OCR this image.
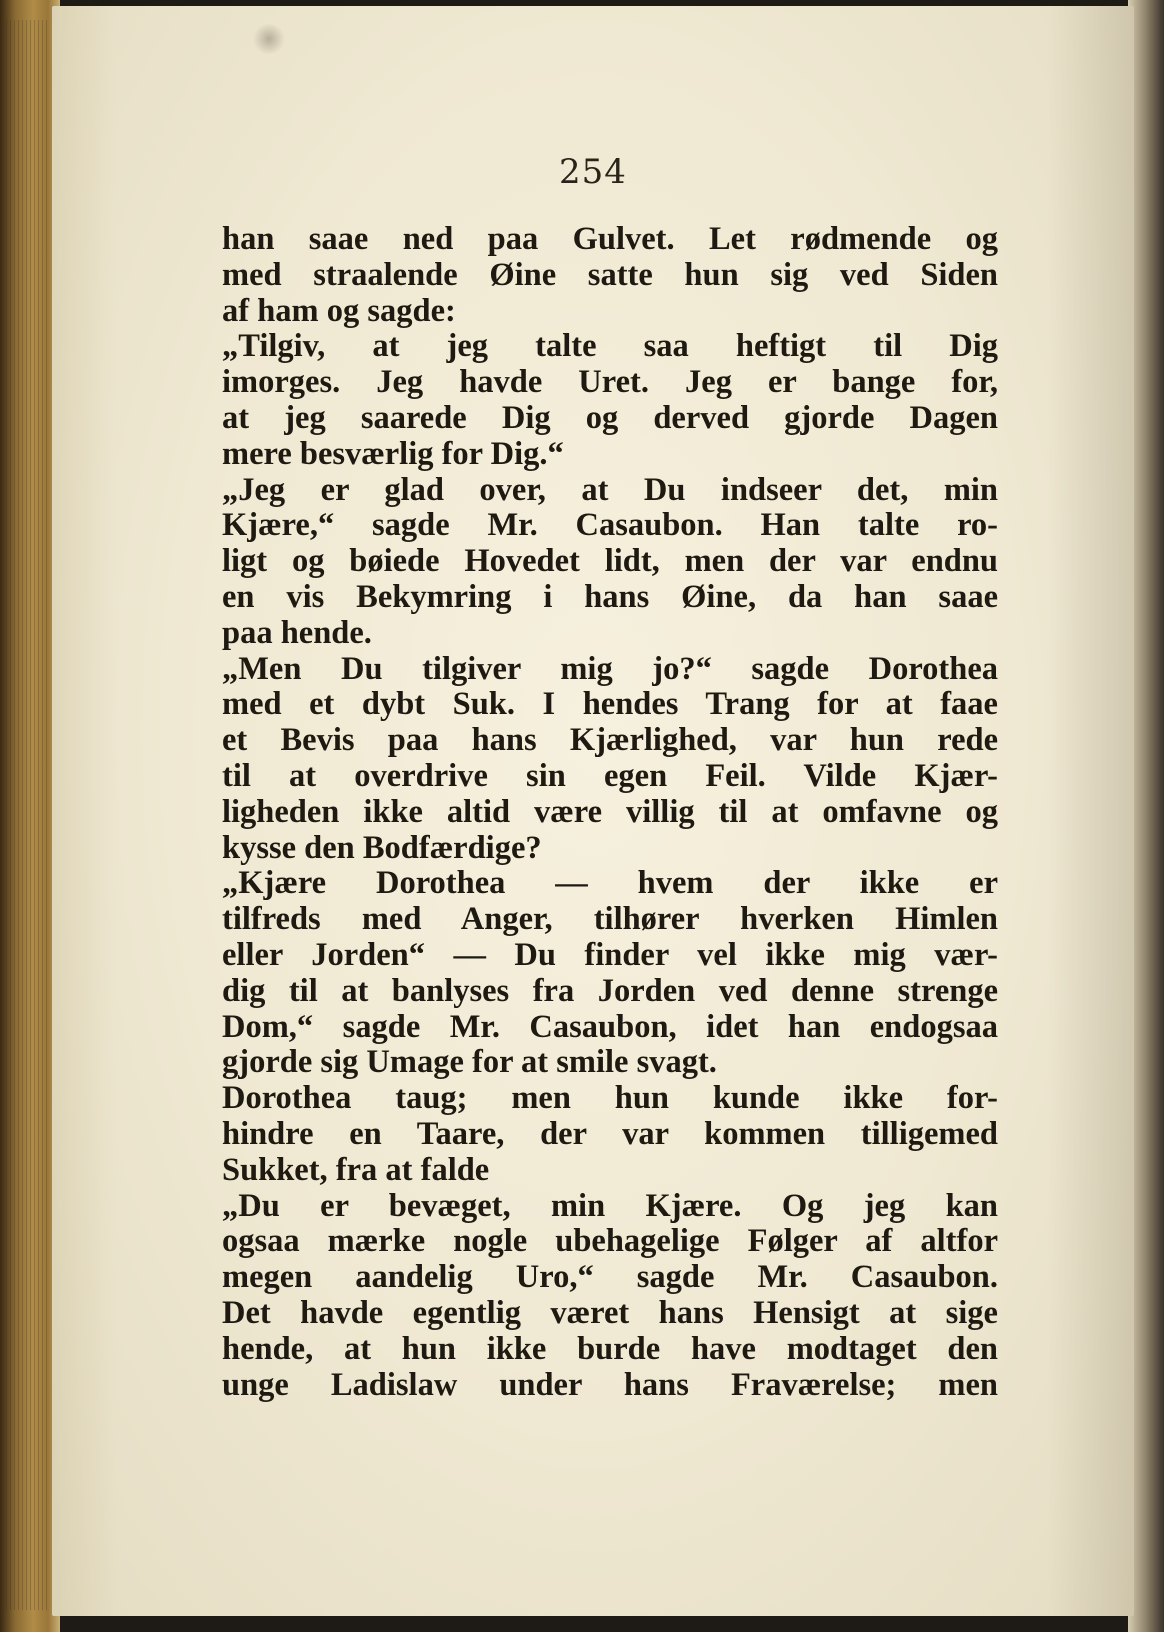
254
han saae ned paa Gulvet. Let rødmende og
med straalende Øine satte hun sig ved Siden
af ham og sagde:
„Tilgiv, at jeg talte saa heftigt til Dig
imorges. Jeg havde Uret. Jeg er bange for,
at jeg saarede Dig og derved gjorde Dagen
mere besværlig for Dig.“
„Jeg er glad over, at Du indseer det, min
Kjære,“ sagde Mr. Casaubon. Han talte ro-
ligt og bøiede Hovedet lidt, men der var endnu
en vis Bekymring i hans Øine, da han saae
paa hende.
„Men Du tilgiver mig jo?“ sagde Dorothea
med et dybt Suk. I hendes Trang for at faae
et Bevis paa hans Kjærlighed, var hun rede
til at overdrive sin egen Feil. Vilde Kjær-
ligheden ikke altid være villig til at omfavne og
kysse den Bodfærdige?
„Kjære Dorothea — hvem der ikke er
tilfreds med Anger, tilhører hverken Himlen
eller Jorden“ — Du finder vel ikke mig vær-
dig til at banlyses fra Jorden ved denne strenge
Dom,“ sagde Mr. Casaubon, idet han endogsaa
gjorde sig Umage for at smile svagt.
Dorothea taug; men hun kunde ikke for-
hindre en Taare, der var kommen tilligemed
Sukket, fra at falde
„Du er bevæget, min Kjære. Og jeg kan
ogsaa mærke nogle ubehagelige Følger af altfor
megen aandelig Uro,“ sagde Mr. Casaubon.
Det havde egentlig været hans Hensigt at sige
hende, at hun ikke burde have modtaget den
unge Ladislaw under hans Fraværelse; men
